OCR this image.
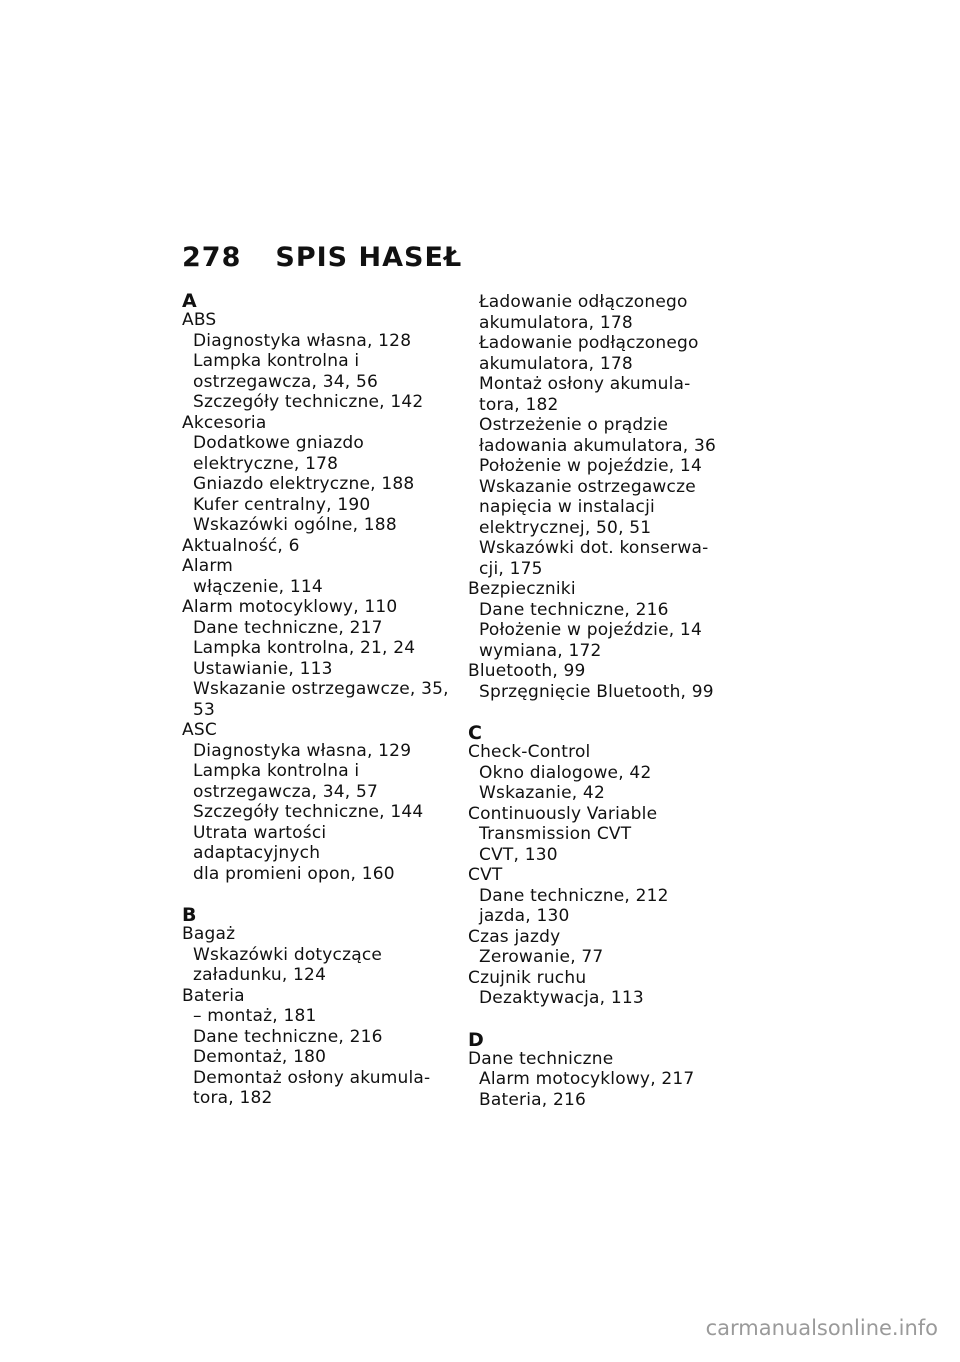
278 SPIS HASEŁ
A
ABS
Diagnostyka własna, 128
Lampka kontrolna i
ostrzegawcza, 34, 56
Szczegóły techniczne, 142
Akcesoria
Dodatkowe gniazdo
elektryczne, 178
Gniazdo elektryczne, 188
Kufer centralny, 190
Wskazówki ogólne, 188
Aktualność, 6
Alarm
włączenie, 114
Alarm motocyklowy, 110
Dane techniczne, 217
Lampka kontrolna, 21, 24
Ustawianie, 113
Wskazanie ostrzegawcze, 35,
53
ASC
Diagnostyka własna, 129
Lampka kontrolna i
ostrzegawcza, 34, 57
Szczegóły techniczne, 144
Utrata wartości adaptacyjnych
dla promieni opon, 160
B
Bagaż
Wskazówki dotyczące
załadunku, 124
Bateria
– montaż, 181
Dane techniczne, 216
Demontaż, 180
Demontaż osłony akumula-
tora, 182
Ładowanie odłączonego
akumulatora, 178
Ładowanie podłączonego
akumulatora, 178
Montaż osłony akumula-
tora, 182
Ostrzeżenie o prądzie
ładowania akumulatora, 36
Położenie w pojeździe, 14
Wskazanie ostrzegawcze
napięcia w instalacji
elektrycznej, 50, 51
Wskazówki dot. konserwa-
cji, 175
Bezpieczniki
Dane techniczne, 216
Położenie w pojeździe, 14
wymiana, 172
Bluetooth, 99
Sprzęgnięcie Bluetooth, 99
C
Check-Control
Okno dialogowe, 42
Wskazanie, 42
Continuously Variable
Transmission CVT
CVT, 130
CVT
Dane techniczne, 212
jazda, 130
Czas jazdy
Zerowanie, 77
Czujnik ruchu
Dezaktywacja, 113
D
Dane techniczne
Alarm motocyklowy, 217
Bateria, 216
carmanualsonline.info
